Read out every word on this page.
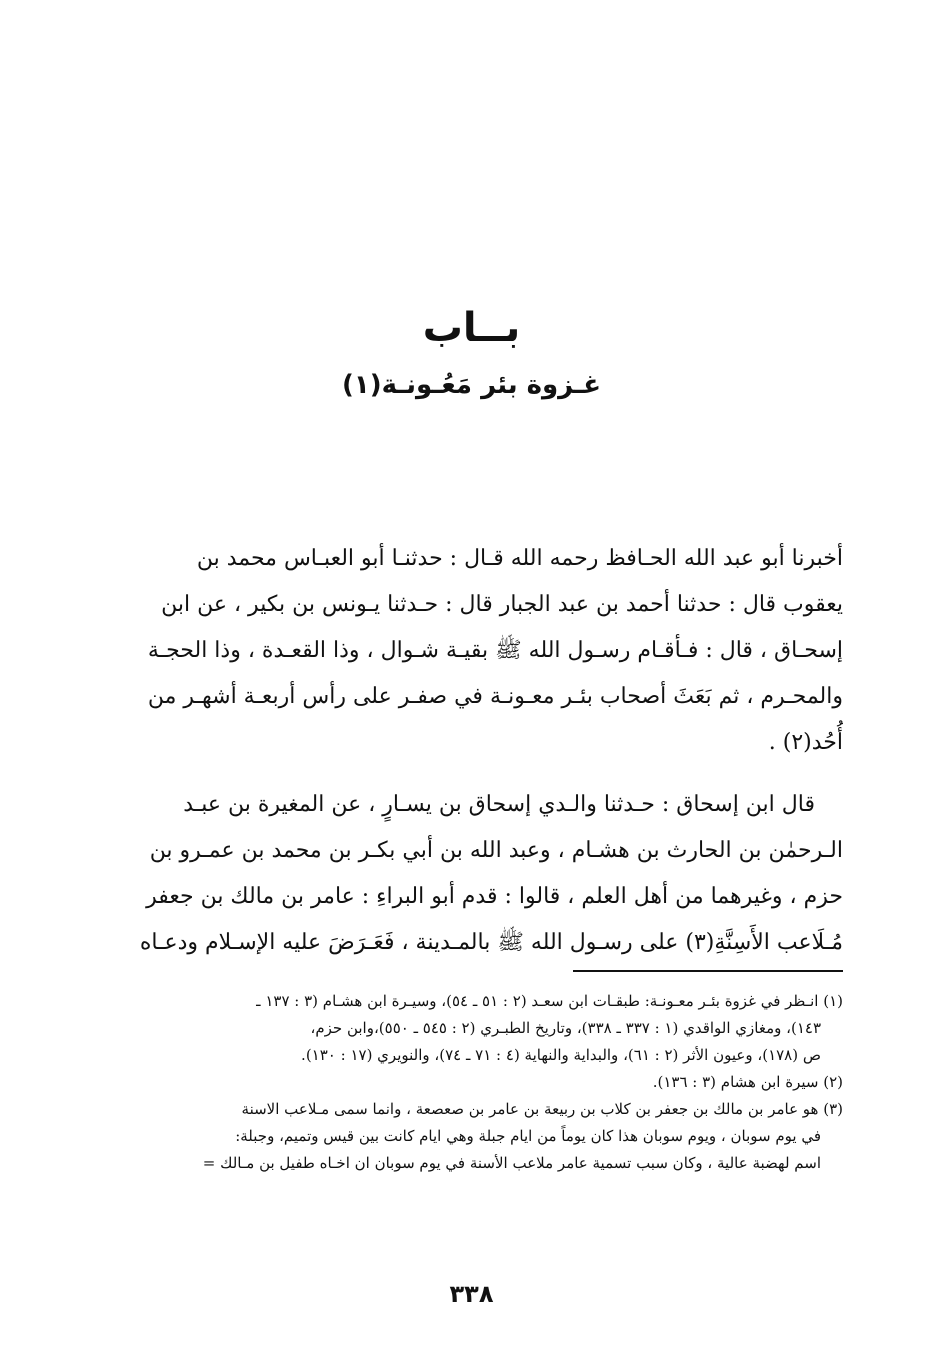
بــاب
غـزوة بئر مَعُـونـة(١)
أخبرنا أبو عبد الله الحـافظ رحمه الله قـال : حدثنـا أبو العبـاس محمد بن
يعقوب قال : حدثنا أحمد بن عبد الجبار قال : حـدثنا يـونس بن بكير ، عن ابن
إسحـاق ، قال : فـأقـام رسـول الله ﷺ بقيـة شـوال ، وذا القعـدة ، وذا الحجـة
والمحـرم ، ثم بَعَثَ أصحاب بئـر معـونـة في صفـر على رأس أربعـة أشهـر من
أُحُد(٢) .
قال ابن إسحاق : حـدثنا والـدي إسحاق بن يسـارٍ ، عن المغيرة بن عبـد
الـرحمٰن بن الحارث بن هشـام ، وعبد الله بن أبي بكـر بن محمد بن عمـرو بن
حزم ، وغيرهما من أهل العلم ، قالوا : قدم أبو البراءِ : عامر بن مالك بن جعفر
مُـلَاعب الأَسِنَّةِ(٣) على رسـول الله ﷺ بالمـدينة ، فَعَـرَضَ عليه الإسـلام ودعـاه
(١) انـظر في غزوة بئـر معـونـة: طبقـات ابن سعـد (٢ : ٥١ ـ ٥٤)، وسيـرة ابن هشـام (٣ : ١٣٧ ـ
١٤٣)، ومغازي الواقدي (١ : ٣٣٧ ـ ٣٣٨)، وتاريخ الطبـري (٢ : ٥٤٥ ـ ٥٥٠)،وابن حزم،
ص (١٧٨)، وعيون الأثر (٢ : ٦١)، والبداية والنهاية (٤ : ٧١ ـ ٧٤)، والنويري (١٧ : ١٣٠).
(٢) سيرة ابن هشام (٣ : ١٣٦).
(٣) هو عامر بن مالك بن جعفر بن كلاب بن ربيعة بن عامر بن صعصعة ، وانما سمى مـلاعب الاسنة
في يوم سوبان ، ويوم سوبان هذا كان يوماً من ايام جبلة وهي ايام كانت بين قيس وتميم، وجبلة:
اسم لهضبة عالية ، وكان سبب تسمية عامر ملاعب الأسنة في يوم سوبان ان اخـاه طفيل بن مـالك =
٣٣٨
